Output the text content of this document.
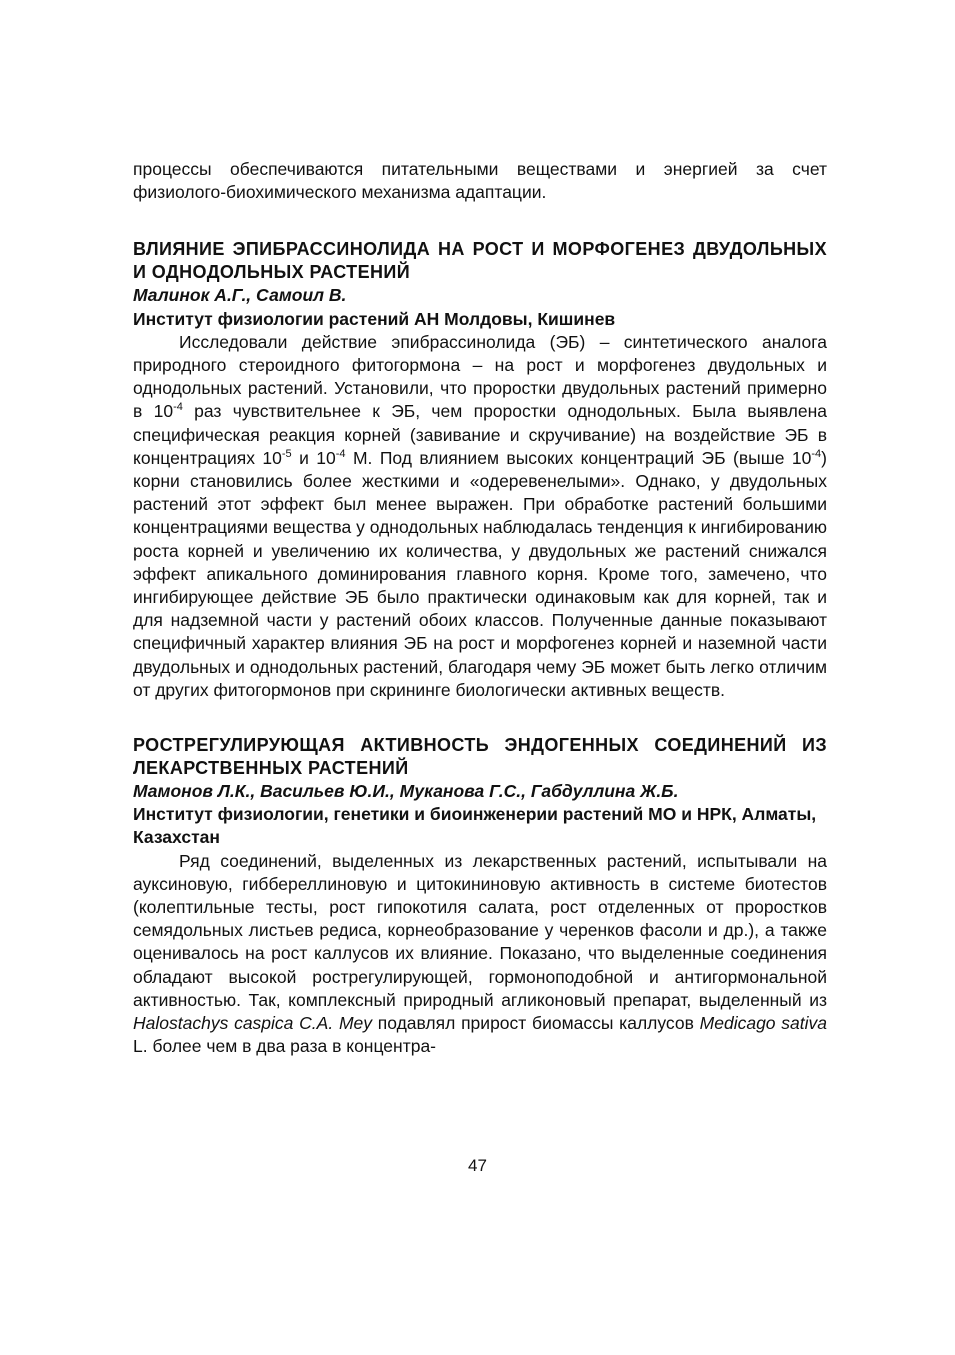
процессы обеспечиваются питательными веществами и энергией за счет физиолого-биохимического механизма адаптации.

ВЛИЯНИЕ ЭПИБРАССИНОЛИДА НА РОСТ И МОРФОГЕНЕЗ ДВУДОЛЬНЫХ И ОДНОДОЛЬНЫХ РАСТЕНИЙ

Малинок А.Г., Самоил В.

Институт физиологии растений АН Молдовы, Кишинев

Исследовали действие эпибрассинолида (ЭБ) – синтетического аналога природного стероидного фитогормона – на рост и морфогенез двудольных и однодольных растений. Установили, что проростки двудольных растений примерно в $10^{-4}$ раз чувствительнее к ЭБ, чем проростки однодольных. Была выявлена специфическая реакция корней (завивание и скручивание) на воздействие ЭБ в концентрациях $10^{-5}$ и $10^{-4}$ М. Под влиянием высоких концентраций ЭБ (выше $10^{-4}$) корни становились более жесткими и «одеревенелыми». Однако, у двудольных растений этот эффект был менее выражен. При обработке растений большими концентрациями вещества у однодольных наблюдалась тенденция к ингибированию роста корней и увеличению их количества, у двудольных же растений снижался эффект апикального доминирования главного корня. Кроме того, замечено, что ингибирующее действие ЭБ было практически одинаковым как для корней, так и для надземной части у растений обоих классов. Полученные данные показывают специфичный характер влияния ЭБ на рост и морфогенез корней и наземной части двудольных и однодольных растений, благодаря чему ЭБ может быть легко отличим от других фитогормонов при скрининге биологически активных веществ.

РОСТРЕГУЛИРУЮЩАЯ АКТИВНОСТЬ ЭНДОГЕННЫХ СОЕДИНЕНИЙ ИЗ ЛЕКАРСТВЕННЫХ РАСТЕНИЙ

Мамонов Л.К., Васильев Ю.И., Муканова Г.С., Габдуллина Ж.Б.

Институт физиологии, генетики и биоинженерии растений МО и НРК, Алматы, Казахстан

Ряд соединений, выделенных из лекарственных растений, испытывали на ауксиновую, гиббереллиновую и цитокининовую активность в системе биотестов (колептильные тесты, рост гипокотиля салата, рост отделенных от проростков семядольных листьев редиса, корнеобразование у черенков фасоли и др.), а также оценивалось на рост каллусов их влияние. Показано, что выделенные соединения обладают высокой рострегулирующей, гормоноподобной и антигормональной активностью. Так, комплексный природный агликоновый препарат, выделенный из Halostachys caspica C.A. Mey подавлял прирост биомассы каллусов Medicago sativa L. более чем в два раза в концентра-

47
